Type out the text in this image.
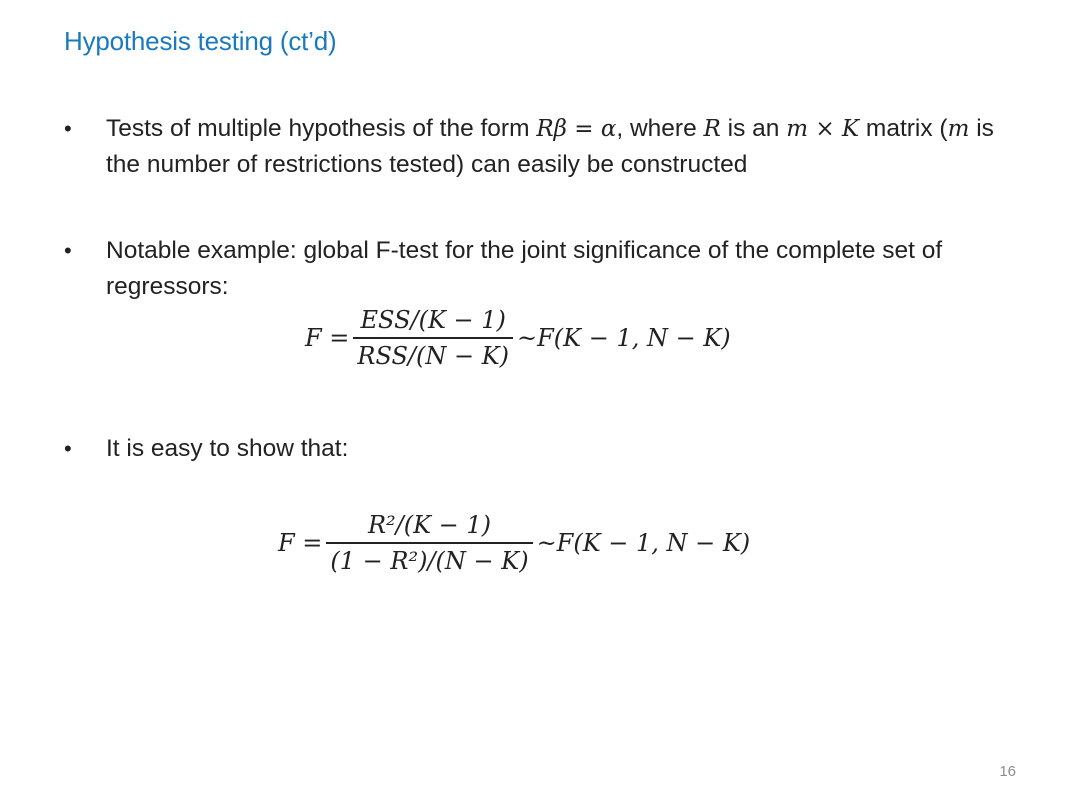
Hypothesis testing (ct’d)
• Tests of multiple hypothesis of the form Rβ = α, where R is an m × K matrix (m is the number of restrictions tested) can easily be constructed
• Notable example: global F-test for the joint significance of the complete set of regressors:
$F = \frac{\text{ESS/(K − 1)}}{\text{RSS/(N − K)}}$ ~F(K − 1, N − K)
• It is easy to show that:
$F = \frac{\text{R²/(K − 1)}}{\text{(1 − R²)/(N − K)}}$ ~F(K − 1, N − K)
16
